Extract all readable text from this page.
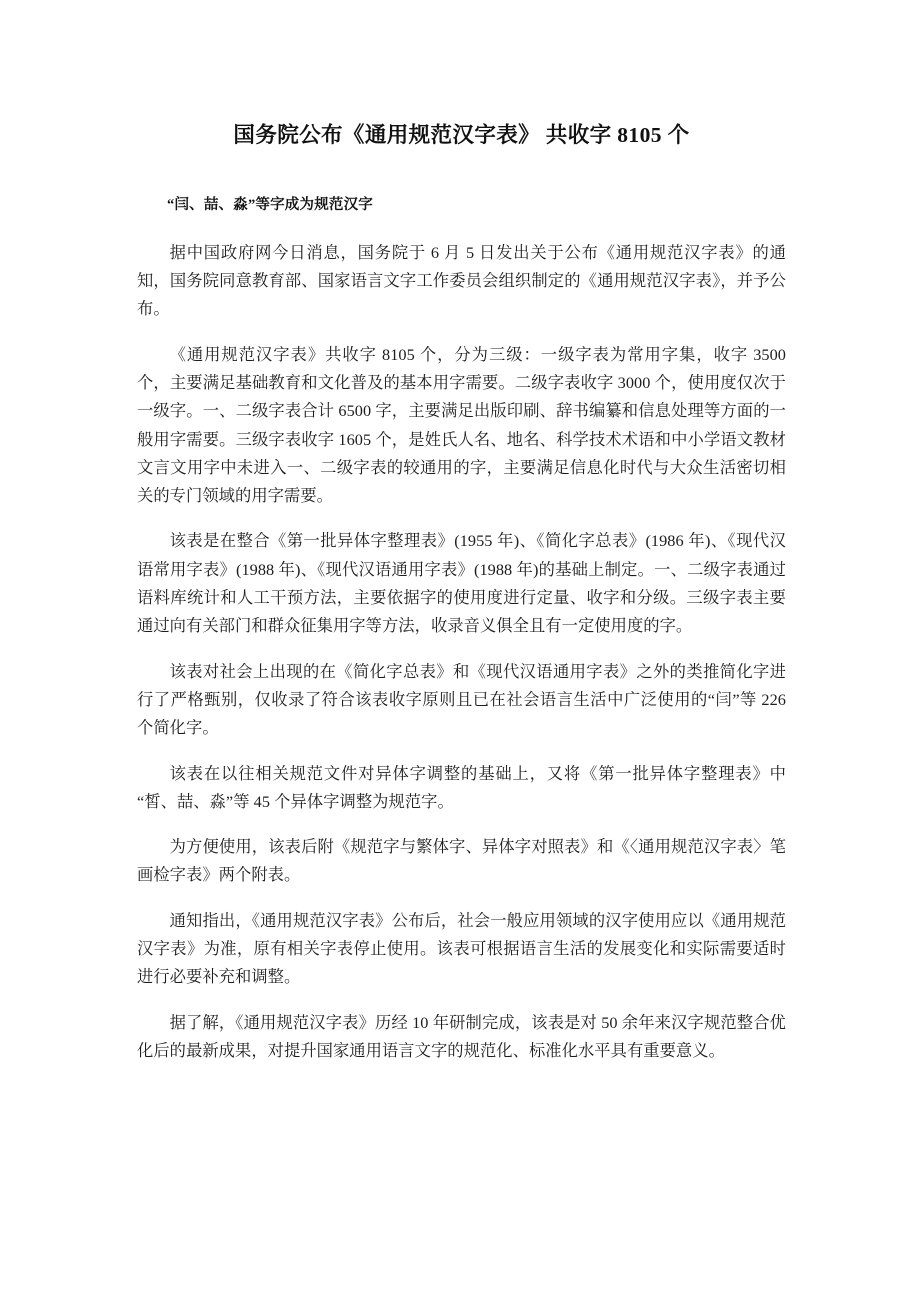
国务院公布《通用规范汉字表》 共收字 8105 个
“闫、喆、淼”等字成为规范汉字

据中国政府网今日消息，国务院于 6 月 5 日发出关于公布《通用规范汉字表》的通知，国务院同意教育部、国家语言文字工作委员会组织制定的《通用规范汉字表》，并予公布。

《通用规范汉字表》共收字 8105 个，分为三级：一级字表为常用字集，收字 3500 个，主要满足基础教育和文化普及的基本用字需要。二级字表收字 3000 个，使用度仅次于一级字。一、二级字表合计 6500 字，主要满足出版印刷、辞书编纂和信息处理等方面的一般用字需要。三级字表收字 1605 个，是姓氏人名、地名、科学技术术语和中小学语文教材文言文用字中未进入一、二级字表的较通用的字，主要满足信息化时代与大众生活密切相关的专门领域的用字需要。

该表是在整合《第一批异体字整理表》(1955 年)、《简化字总表》(1986 年)、《现代汉语常用字表》(1988 年)、《现代汉语通用字表》(1988 年)的基础上制定。一、二级字表通过语料库统计和人工干预方法，主要依据字的使用度进行定量、收字和分级。三级字表主要通过向有关部门和群众征集用字等方法，收录音义俱全且有一定使用度的字。

该表对社会上出现的在《简化字总表》和《现代汉语通用字表》之外的类推简化字进行了严格甄别，仅收录了符合该表收字原则且已在社会语言生活中广泛使用的“闫”等 226 个简化字。

该表在以往相关规范文件对异体字调整的基础上，又将《第一批异体字整理表》中“皙、喆、淼”等 45 个异体字调整为规范字。

为方便使用，该表后附《规范字与繁体字、异体字对照表》和《〈通用规范汉字表〉笔画检字表》两个附表。

通知指出，《通用规范汉字表》公布后，社会一般应用领域的汉字使用应以《通用规范汉字表》为准，原有相关字表停止使用。该表可根据语言生活的发展变化和实际需要适时进行必要补充和调整。

据了解，《通用规范汉字表》历经 10 年研制完成，该表是对 50 余年来汉字规范整合优化后的最新成果，对提升国家通用语言文字的规范化、标准化水平具有重要意义。
